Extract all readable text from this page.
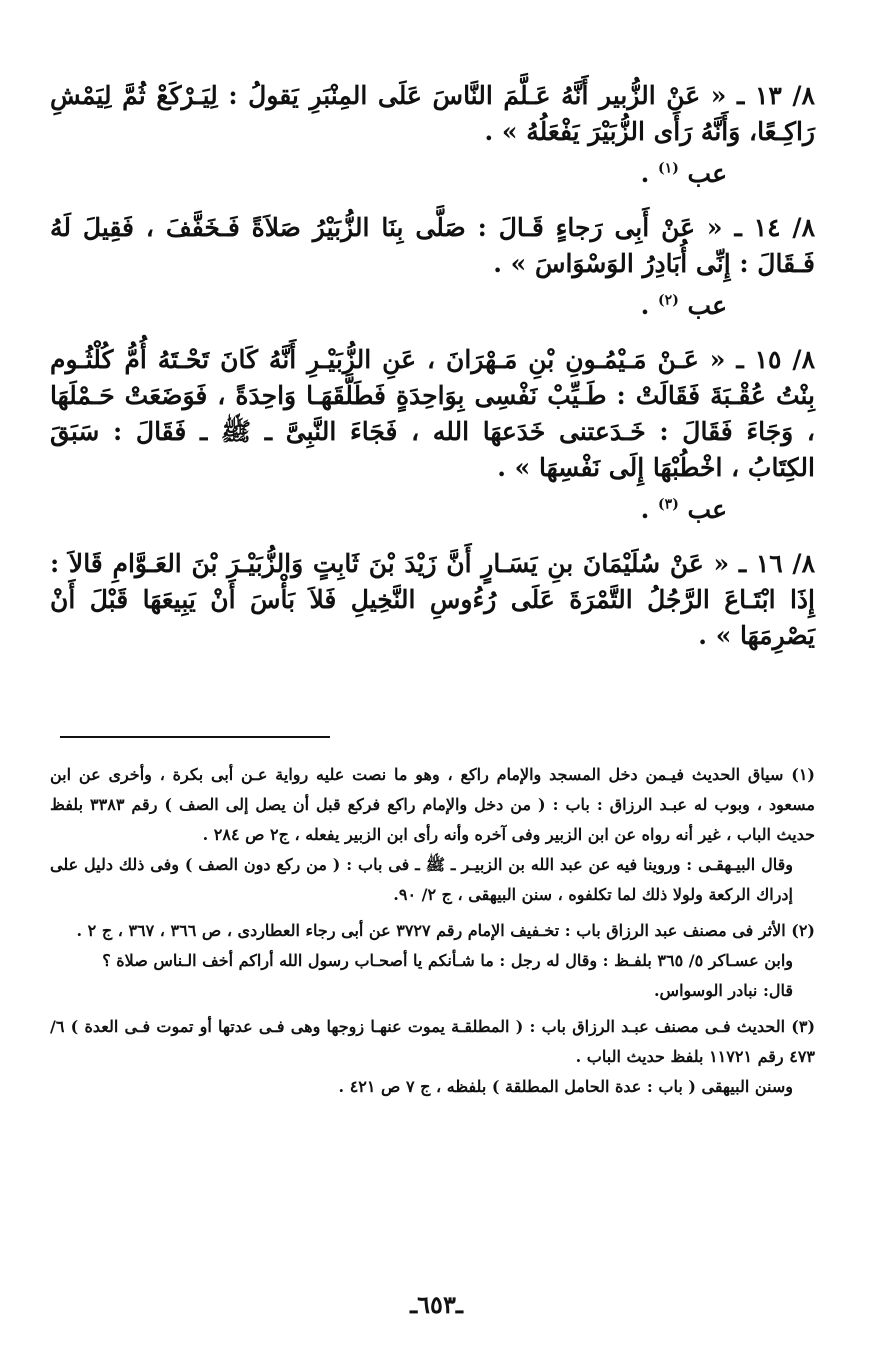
٨/ ١٣ ـ « عَنْ الزُّبير أَنَّهُ عَـلَّمَ النَّاسَ عَلَى المِنْبَرِ يَقولُ : لِيَـرْكَعْ ثُمَّ لِيَمْشِ رَاكِـعًا، وَأَنَّهُ رَأَى الزُّبَيْرَ يَفْعَلُهُ » .
عب $^{(١)}$ .
٨/ ١٤ ـ « عَنْ أَبِى رَجاءٍ قَـالَ : صَلَّى بِنَا الزُّبَيْرُ صَلاَةً فَـخَفَّفَ ، فَقِيلَ لَهُ فَـقَالَ : إِنِّى أُبَادِرُ الوَسْوَاسَ » .
عب $^{(٢)}$ .
٨/ ١٥ ـ « عَـنْ مَـيْمُـونِ بْنِ مَـهْرَانَ ، عَنِ الزُّبَيْـرِ أَنَّهُ كَانَ تَحْـتَهُ أُمُّ كُلْثُـوم بِنْتُ عُقْـبَةَ فَقَالَتْ : طَـيِّبْ نَفْسِى بِوَاحِدَةٍ فَطَلَّقَهَـا وَاحِدَةً ، فَوَضَعَتْ حَـمْلَهَا ، وَجَاءَ فَقَالَ : خَـدَعتنى خَدَعهَا الله ، فَجَاءَ النَّبِىَّ ـ ﷺ ـ فَقَالَ : سَبَقَ الكِتَابُ ، اخْطُبْهَا إِلَى نَفْسِهَا » .
عب $^{(٣)}$ .
٨/ ١٦ ـ « عَنْ سُلَيْمَانَ بنِ يَسَـارٍ أَنَّ زَيْدَ بْنَ ثَابِتٍ وَالزُّبَيْـرَ بْنَ العَـوَّامِ قَالاَ : إِذَا ابْتَـاعَ الرَّجُلُ التَّمْرَةَ عَلَى رُءُوسِ النَّخِيلِ فَلاَ بَأْسَ أَنْ يَبِيعَهَا قَبْلَ أَنْ يَصْرِمَهَا » .

(١) سياق الحديث فيـمن دخل المسجد والإمام راكع ، وهو ما نصت عليه رواية عـن أبى بكرة ، وأخرى عن ابن مسعود ، وبوب له عبـد الرزاق : باب : ( من دخل والإمام راكع فركع قبل أن يصل إلى الصف ) رقم ٣٣٨٣ بلفظ حديث الباب ، غير أنه رواه عن ابن الزبير وفى آخره وأنه رأى ابن الزبير يفعله ، ج٢ ص ٢٨٤ .

وقال البيـهقـى : وروينا فيه عن عبد الله بن الزبيـر ـ ﷺ ـ فى باب : ( من ركع دون الصف ) وفى ذلك دليل على إدراك الركعة ولولا ذلك لما تكلفوه ، سنن البيهقى ، ج ٢/ ٩٠.

(٢) الأثر فى مصنف عبد الرزاق باب : تخـفيف الإمام رقم ٣٧٢٧ عن أبى رجاء العطاردى ، ص ٣٦٦ ، ٣٦٧ ، ج ٢ .

وابن عسـاكر ٥/ ٣٦٥ بلفـظ : وقال له رجل : ما شـأنكم يا أصحـاب رسول الله أراكم أخف الـناس صلاة ؟

قال: نبادر الوسواس.

(٣) الحديث فـى مصنف عبـد الرزاق باب : ( المطلقـة يموت عنهـا زوجها وهى فـى عدتها أو تموت فـى العدة ) ٦/ ٤٧٣ رقم ١١٧٢١ بلفظ حديث الباب .

وسنن البيهقى ( باب : عدة الحامل المطلقة ) بلفظه ، ج ٧ ص ٤٢١ .

ـ٦٥٣ـ
